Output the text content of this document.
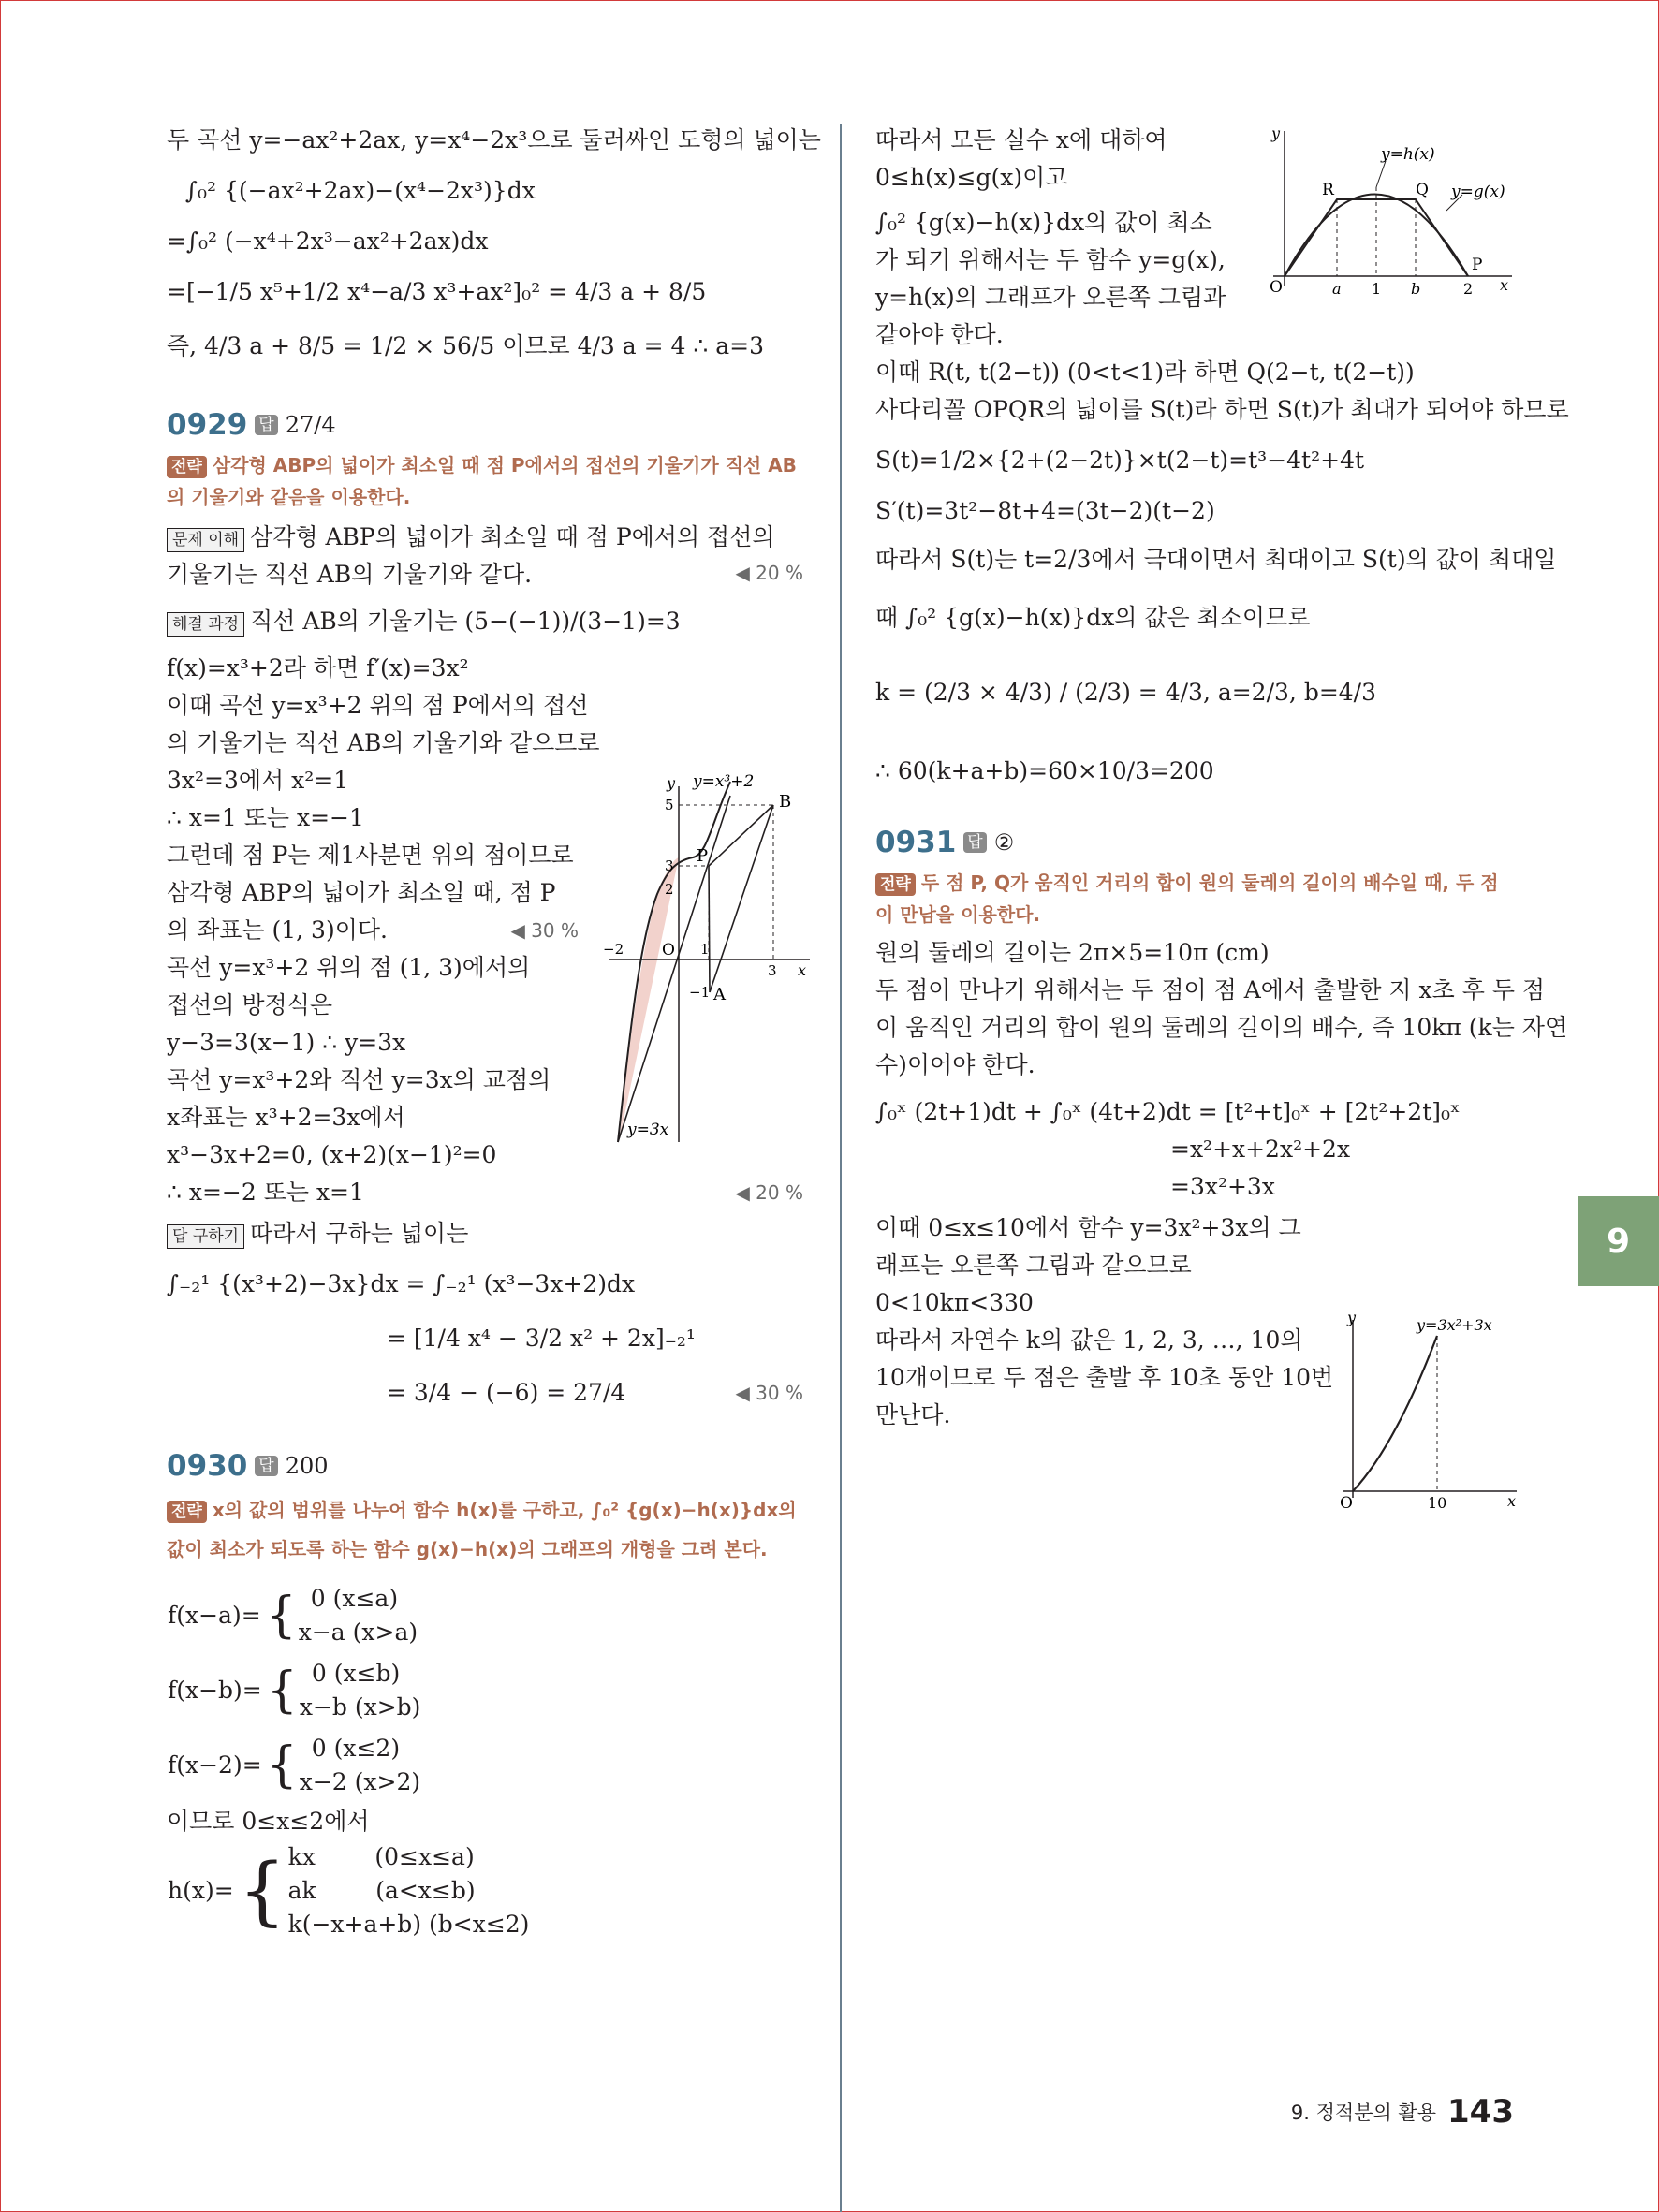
두 곡선 y=−ax²+2ax, y=x⁴−2x³으로 둘러싸인 도형의 넓이는
∫₀² {(−ax²+2ax)−(x⁴−2x³)}dx
=∫₀² (−x⁴+2x³−ax²+2ax)dx
=[−1/5 x⁵+1/2 x⁴−a/3 x³+ax²]₀² = 4/3 a + 8/5
즉, 4/3 a + 8/5 = 1/2 × 56/5 이므로 4/3 a = 4 ∴ a=3
0929 답 27/4
전략 삼각형 ABP의 넓이가 최소일 때 점 P에서의 접선의 기울기가 직선 AB의 기울기와 같음을 이용한다.
문제 이해 삼각형 ABP의 넓이가 최소일 때 점 P에서의 접선의 기울기는 직선 AB의 기울기와 같다.	◀ 20 %
해결 과정 직선 AB의 기울기는 (5−(−1))/(3−1)=3
f(x)=x³+2라 하면 f′(x)=3x²
이때 곡선 y=x³+2 위의 점 P에서의 접선
의 기울기는 직선 AB의 기울기와 같으므로
3x²=3에서 x²=1
∴ x=1 또는 x=−1
그런데 점 P는 제1사분면 위의 점이므로
삼각형 ABP의 넓이가 최소일 때, 점 P
의 좌표는 (1, 3)이다.	◀ 30 %
곡선 y=x³+2 위의 점 (1, 3)에서의
접선의 방정식은
y−3=3(x−1) ∴ y=3x
곡선 y=x³+2와 직선 y=3x의 교점의
x좌표는 x³+2=3x에서
x³−3x+2=0, (x+2)(x−1)²=0
∴ x=−2 또는 x=1	◀ 20 %
답 구하기 따라서 구하는 넓이는
∫₋₂¹ {(x³+2)−3x}dx = ∫₋₂¹ (x³−3x+2)dx
= [1/4 x⁴ − 3/2 x² + 2x]₋₂¹
= 3/4 − (−6) = 27/4	◀ 30 %
0930 답 200
전략 x의 값의 범위를 나누어 함수 h(x)를 구하고, ∫₀² {g(x)−h(x)}dx의 값이 최소가 되도록 하는 함수 g(x)−h(x)의 그래프의 개형을 그려 본다.
f(x−a)=	{	0 (x≤a)
x−a (x>a)
f(x−b)=	{	0 (x≤b)
x−b (x>b)
f(x−2)=	{	0 (x≤2)
x−2 (x>2)
이므로 0≤x≤2에서
h(x)=	{	kx        (0≤x≤a)
ak        (a<x≤b)
k(−x+a+b) (b<x≤2)
y
x
y=x³+2
y=3x
P
A
B
O
5
3
2
−2	1
3
−1
따라서 모든 실수 x에 대하여
0≤h(x)≤g(x)이고
∫₀² {g(x)−h(x)}dx의 값이 최소
가 되기 위해서는 두 함수 y=g(x),
y=h(x)의 그래프가 오른쪽 그림과
같아야 한다.
이때 R(t, t(2−t)) (0<t<1)라 하면 Q(2−t, t(2−t))
사다리꼴 OPQR의 넓이를 S(t)라 하면 S(t)가 최대가 되어야 하므로
S(t)=1/2×{2+(2−2t)}×t(2−t)=t³−4t²+4t
S′(t)=3t²−8t+4=(3t−2)(t−2)
따라서 S(t)는 t=2/3에서 극대이면서 최대이고 S(t)의 값이 최대일
때 ∫₀² {g(x)−h(x)}dx의 값은 최소이므로
k = (2/3 × 4/3) / (2/3) = 4/3, a=2/3, b=4/3
∴ 60(k+a+b)=60×10/3=200
0931 답 ②
전략 두 점 P, Q가 움직인 거리의 합이 원의 둘레의 길이의 배수일 때, 두 점이 만남을 이용한다.
원의 둘레의 길이는 2π×5=10π (cm)
두 점이 만나기 위해서는 두 점이 점 A에서 출발한 지 x초 후 두 점
이 움직인 거리의 합이 원의 둘레의 길이의 배수, 즉 10kπ (k는 자연
수)이어야 한다.
∫₀ˣ (2t+1)dt + ∫₀ˣ (4t+2)dt = [t²+t]₀ˣ + [2t²+2t]₀ˣ
=x²+x+2x²+2x
=3x²+3x
이때 0≤x≤10에서 함수 y=3x²+3x의 그
래프는 오른쪽 그림과 같으므로
0<10kπ<330
따라서 자연수 k의 값은 1, 2, 3, …, 10의
10개이므로 두 점은 출발 후 10초 동안 10번
만난다.
y
x
y=h(x)
y=g(x)
R	Q
P
O	a 1 b	2
y
x
y=3x²+3x
O	10
9
9. 정적분의 활용 143
